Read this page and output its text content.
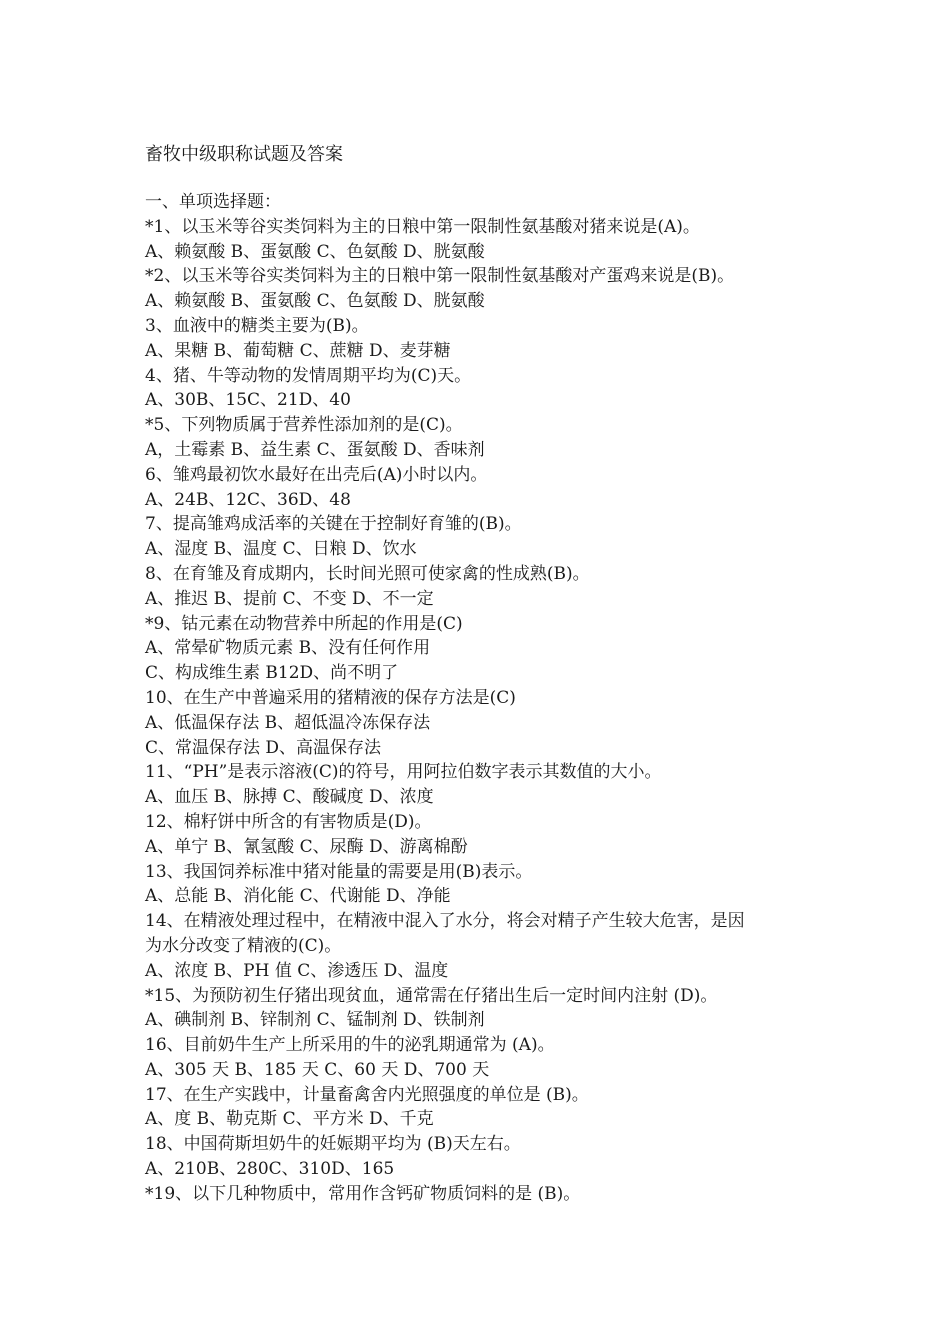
畜牧中级职称试题及答案
一、单项选择题：
*1、以玉米等谷实类饲料为主的日粮中第一限制性氨基酸对猪来说是(A)。
A、赖氨酸 B、蛋氨酸 C、色氨酸 D、胱氨酸
*2、以玉米等谷实类饲料为主的日粮中第一限制性氨基酸对产蛋鸡来说是(B)。
A、赖氨酸 B、蛋氨酸 C、色氨酸 D、胱氨酸
3、血液中的糖类主要为(B)。
A、果糖 B、葡萄糖 C、蔗糖 D、麦芽糖
4、猪、牛等动物的发情周期平均为(C)天。
A、30B、15C、21D、40
*5、下列物质属于营养性添加剂的是(C)。
A，土霉素 B、益生素 C、蛋氨酸 D、香味剂
6、雏鸡最初饮水最好在出壳后(A)小时以内。
A、24B、12C、36D、48
7、提高雏鸡成活率的关键在于控制好育雏的(B)。
A、湿度 B、温度 C、日粮 D、饮水
8、在育雏及育成期内，长时间光照可使家禽的性成熟(B)。
A、推迟 B、提前 C、不变 D、不一定
*9、钴元素在动物营养中所起的作用是(C)
A、常晕矿物质元素 B、没有任何作用
C、构成维生素 B12D、尚不明了
10、在生产中普遍采用的猪精液的保存方法是(C)
A、低温保存法 B、超低温冷冻保存法
C、常温保存法 D、高温保存法
11、“PH”是表示溶液(C)的符号，用阿拉伯数字表示其数值的大小。
A、血压 B、脉搏 C、酸碱度 D、浓度
12、棉籽饼中所含的有害物质是(D)。
A、单宁 B、氰氢酸 C、尿酶 D、游离棉酚
13、我国饲养标准中猪对能量的需要是用(B)表示。
A、总能 B、消化能 C、代谢能 D、净能
14、在精液处理过程中，在精液中混入了水分，将会对精子产生较大危害，是因
为水分改变了精液的(C)。
A、浓度 B、PH 值 C、渗透压 D、温度
*15、为预防初生仔猪出现贫血，通常需在仔猪出生后一定时间内注射 (D)。
A、碘制剂 B、锌制剂 C、锰制剂 D、铁制剂
16、目前奶牛生产上所采用的牛的泌乳期通常为 (A)。
A、305 天 B、185 天 C、60 天 D、700 天
17、在生产实践中，计量畜禽舍内光照强度的单位是 (B)。
A、度 B、勒克斯 C、平方米 D、千克
18、中国荷斯坦奶牛的妊娠期平均为 (B)天左右。
A、210B、280C、310D、165
*19、以下几种物质中，常用作含钙矿物质饲料的是 (B)。
